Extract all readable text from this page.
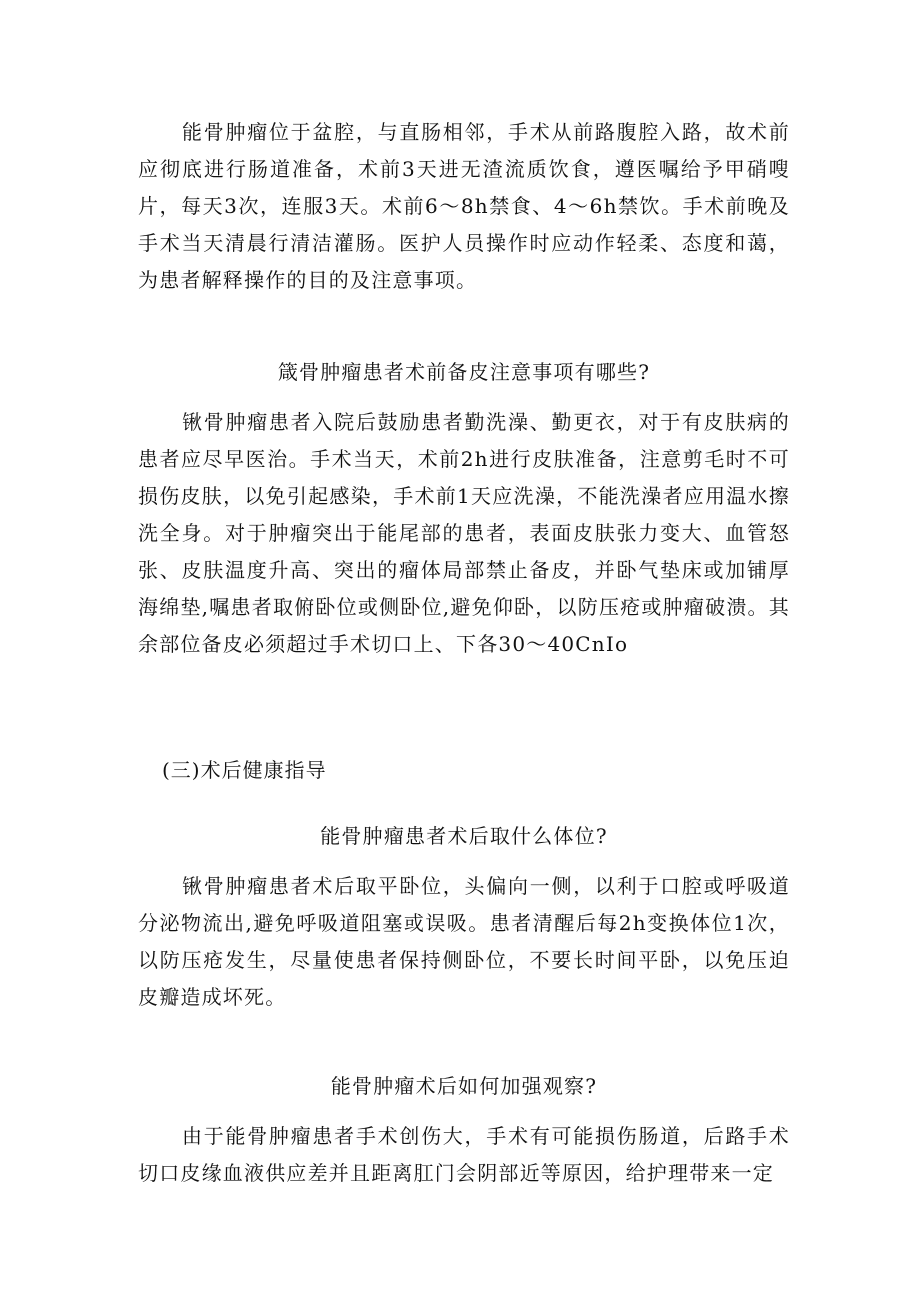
能骨肿瘤位于盆腔，与直肠相邻，手术从前路腹腔入路，故术前应彻底进行肠道准备，术前3天进无渣流质饮食，遵医嘱给予甲硝嗖片，每天3次，连服3天。术前6～8h禁食、4～6h禁饮。手术前晚及手术当天清晨行清洁灌肠。医护人员操作时应动作轻柔、态度和蔼，为患者解释操作的目的及注意事项。

箴骨肿瘤患者术前备皮注意事项有哪些?

锹骨肿瘤患者入院后鼓励患者勤洗澡、勤更衣，对于有皮肤病的患者应尽早医治。手术当天，术前2h进行皮肤准备，注意剪毛时不可损伤皮肤，以免引起感染，手术前1天应洗澡，不能洗澡者应用温水擦洗全身。对于肿瘤突出于能尾部的患者，表面皮肤张力变大、血管怒张、皮肤温度升高、突出的瘤体局部禁止备皮，并卧气垫床或加铺厚海绵垫,嘱患者取俯卧位或侧卧位,避免仰卧，以防压疮或肿瘤破溃。其余部位备皮必须超过手术切口上、下各30～40CnIo

(三)术后健康指导

能骨肿瘤患者术后取什么体位?

锹骨肿瘤患者术后取平卧位，头偏向一侧，以利于口腔或呼吸道分泌物流出,避免呼吸道阻塞或误吸。患者清醒后每2h变换体位1次，以防压疮发生，尽量使患者保持侧卧位，不要长时间平卧，以免压迫皮瓣造成坏死。

能骨肿瘤术后如何加强观察?

由于能骨肿瘤患者手术创伤大，手术有可能损伤肠道，后路手术切口皮缘血液供应差并且距离肛门会阴部近等原因，给护理带来一定
